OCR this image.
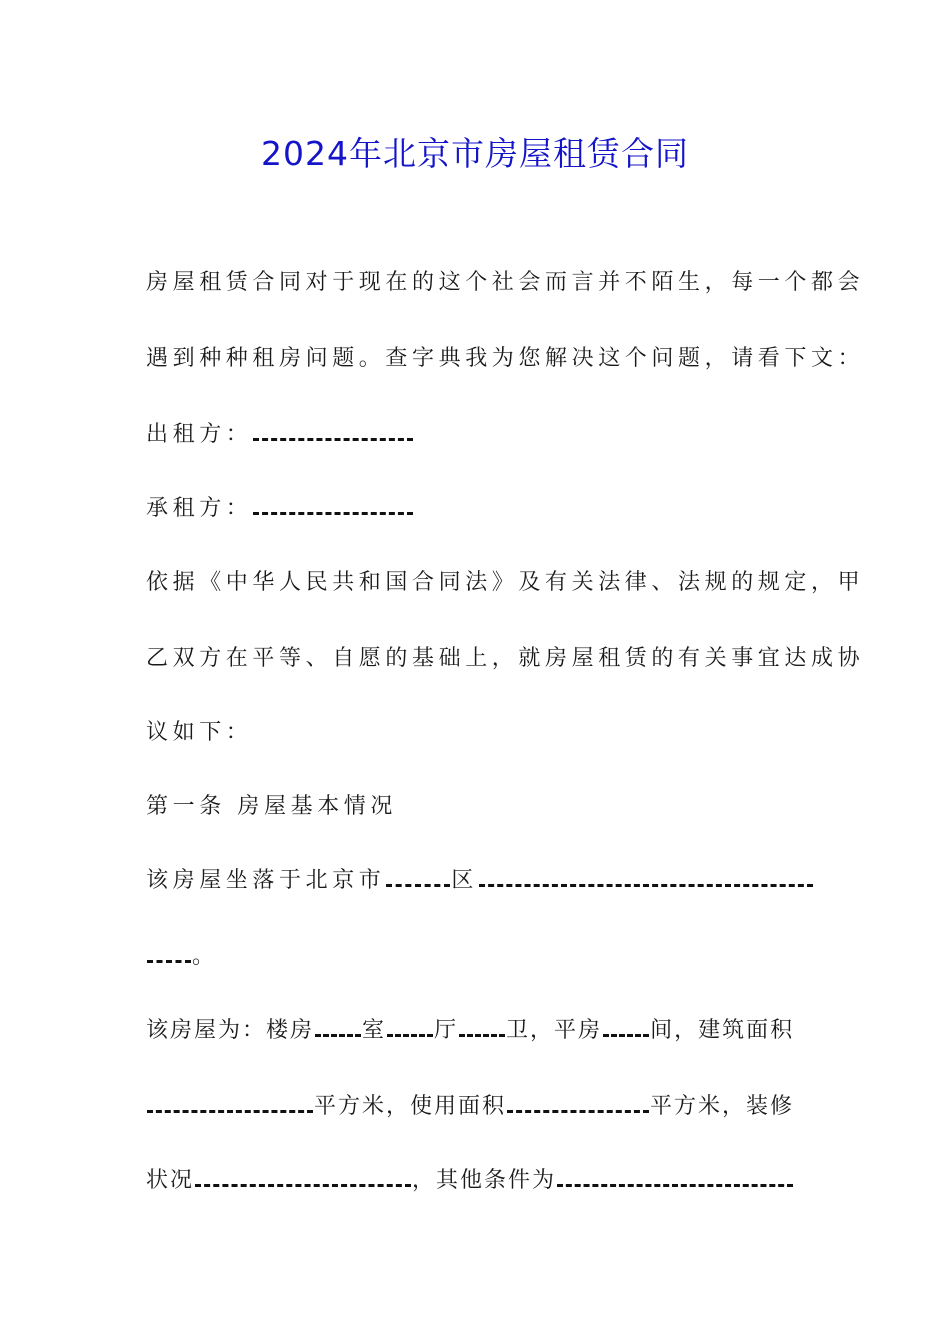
2024年北京市房屋租赁合同
房屋租赁合同对于现在的这个社会而言并不陌生，每一个都会
遇到种种租房问题。查字典我为您解决这个问题，请看下文：
出租方：
承租方：
依据《中华人民共和国合同法》及有关法律、法规的规定，甲
乙双方在平等、自愿的基础上，就房屋租赁的有关事宜达成协
议如下：
第一条 房屋基本情况
该房屋坐落于北京市	区
。
该房屋为：楼房 室 厅 卫，平房 间，建筑面积
平方米，使用面积	平方米，装修
状况	，其他条件为
